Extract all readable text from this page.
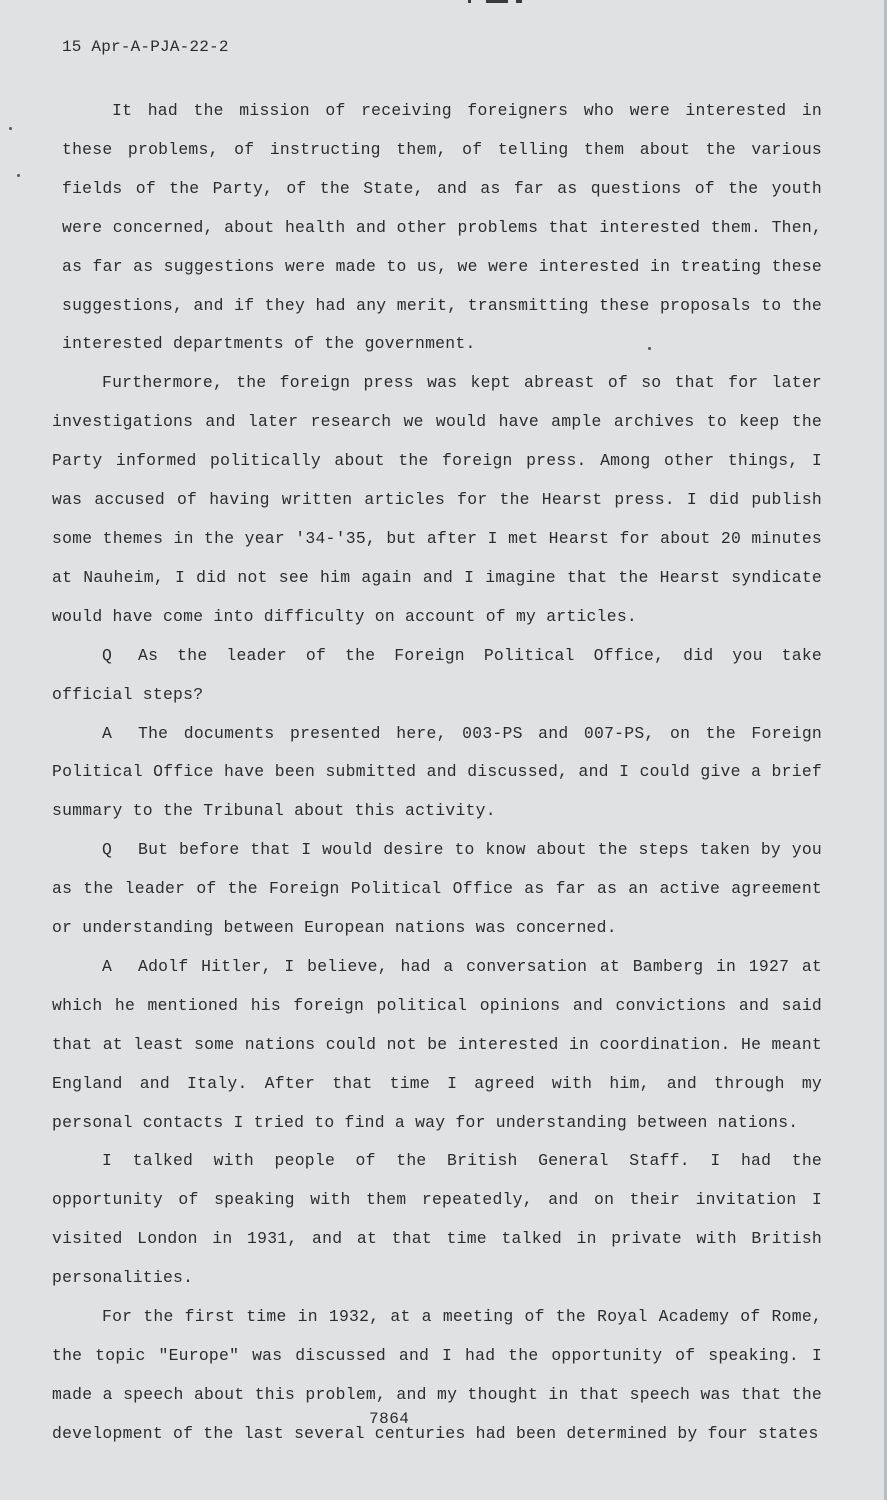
15 Apr-A-PJA-22-2

It had the mission of receiving foreigners who were interested in these problems, of instructing them, of telling them about the various fields of the Party, of the State, and as far as questions of the youth were concerned, about health and other problems that interested them. Then, as far as suggestions were made to us, we were interested in treating these suggestions, and if they had any merit, transmitting these proposals to the interested departments of the government.

Furthermore, the foreign press was kept abreast of so that for later investigations and later research we would have ample archives to keep the Party informed politically about the foreign press. Among other things, I was accused of having written articles for the Hearst press. I did publish some themes in the year '34-'35, but after I met Hearst for about 20 minutes at Nauheim, I did not see him again and I imagine that the Hearst syndicate would have come into difficulty on account of my articles.

Q As the leader of the Foreign Political Office, did you take official steps?

A The documents presented here, 003-PS and 007-PS, on the Foreign Political Office have been submitted and discussed, and I could give a brief summary to the Tribunal about this activity.

Q But before that I would desire to know about the steps taken by you as the leader of the Foreign Political Office as far as an active agreement or understanding between European nations was concerned.

A Adolf Hitler, I believe, had a conversation at Bamberg in 1927 at which he mentioned his foreign political opinions and convictions and said that at least some nations could not be interested in coordination. He meant England and Italy. After that time I agreed with him, and through my personal contacts I tried to find a way for understanding between nations.

I talked with people of the British General Staff. I had the opportunity of speaking with them repeatedly, and on their invitation I visited London in 1931, and at that time talked in private with British personalities.

For the first time in 1932, at a meeting of the Royal Academy of Rome, the topic "Europe" was discussed and I had the opportunity of speaking. I made a speech about this problem, and my thought in that speech was that the development of the last several centuries had been determined by four states

7864
